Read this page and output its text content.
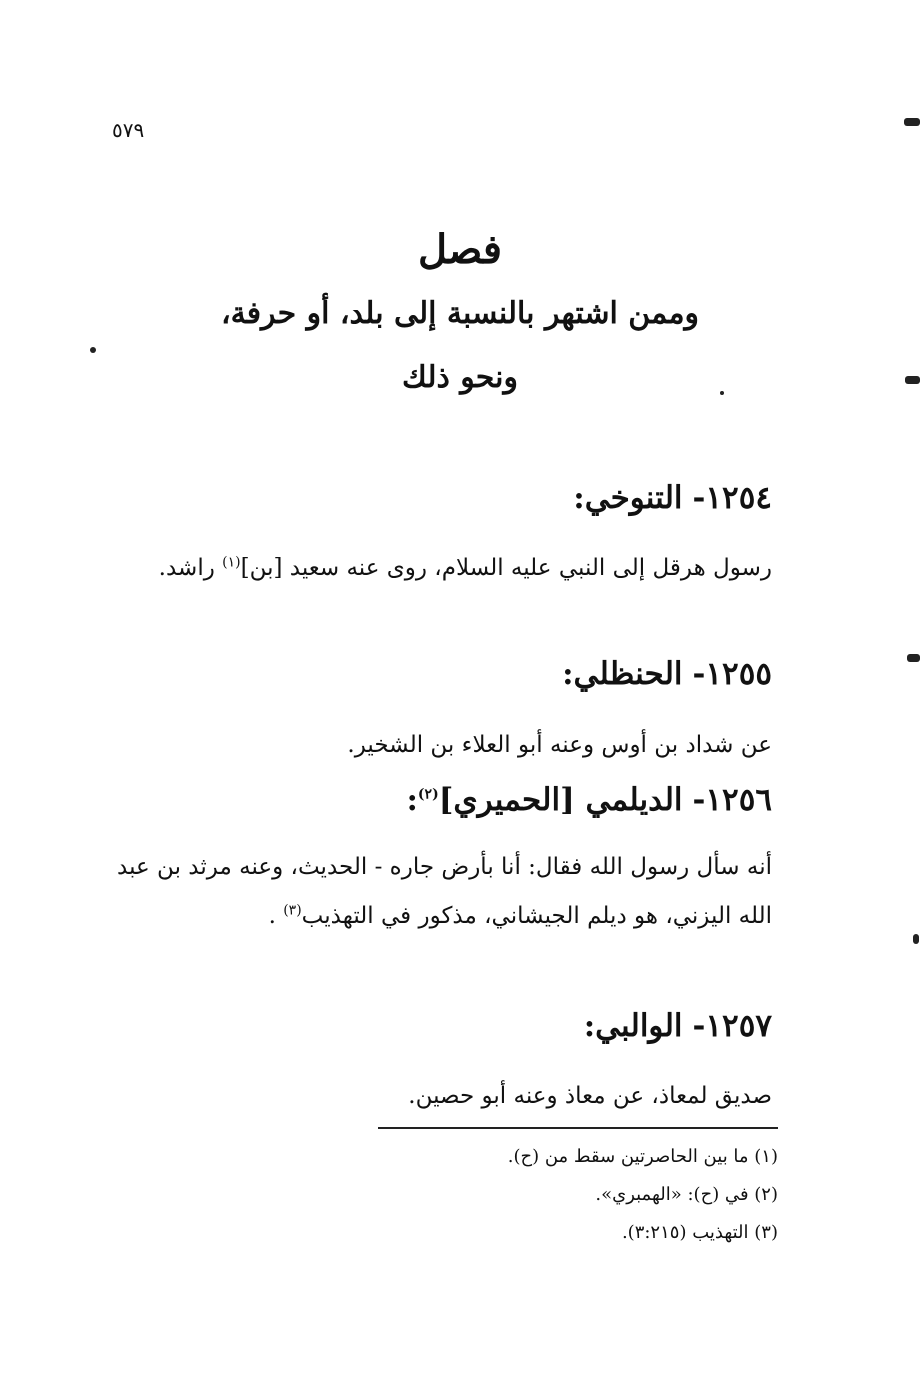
٥٧٩
فصل
وممن اشتهر بالنسبة إلى بلد، أو حرفة،
ونحو ذلك
١٢٥٤-التنوخي:
رسول هرقل إلى النبي عليه السلام، روى عنه سعيد [بن]$^{(١)}$ راشد.
١٢٥٥-الحنظلي:
عن شداد بن أوس وعنه أبو العلاء بن الشخير.
١٢٥٦-الديلمي [الحميري]$^{(٢)}$:
أنه سأل رسول الله فقال: أنا بأرض جاره - الحديث، وعنه مرثد بن عبد الله اليزني، هو ديلم الجيشاني، مذكور في التهذيب$^{(٣)}$ .
١٢٥٧-الوالبي:
صديق لمعاذ، عن معاذ وعنه أبو حصين.
(١) ما بين الحاصرتين سقط من (ح).
(٢) في (ح): «الهمبري».
(٣) التهذيب (٣:٢١٥).
